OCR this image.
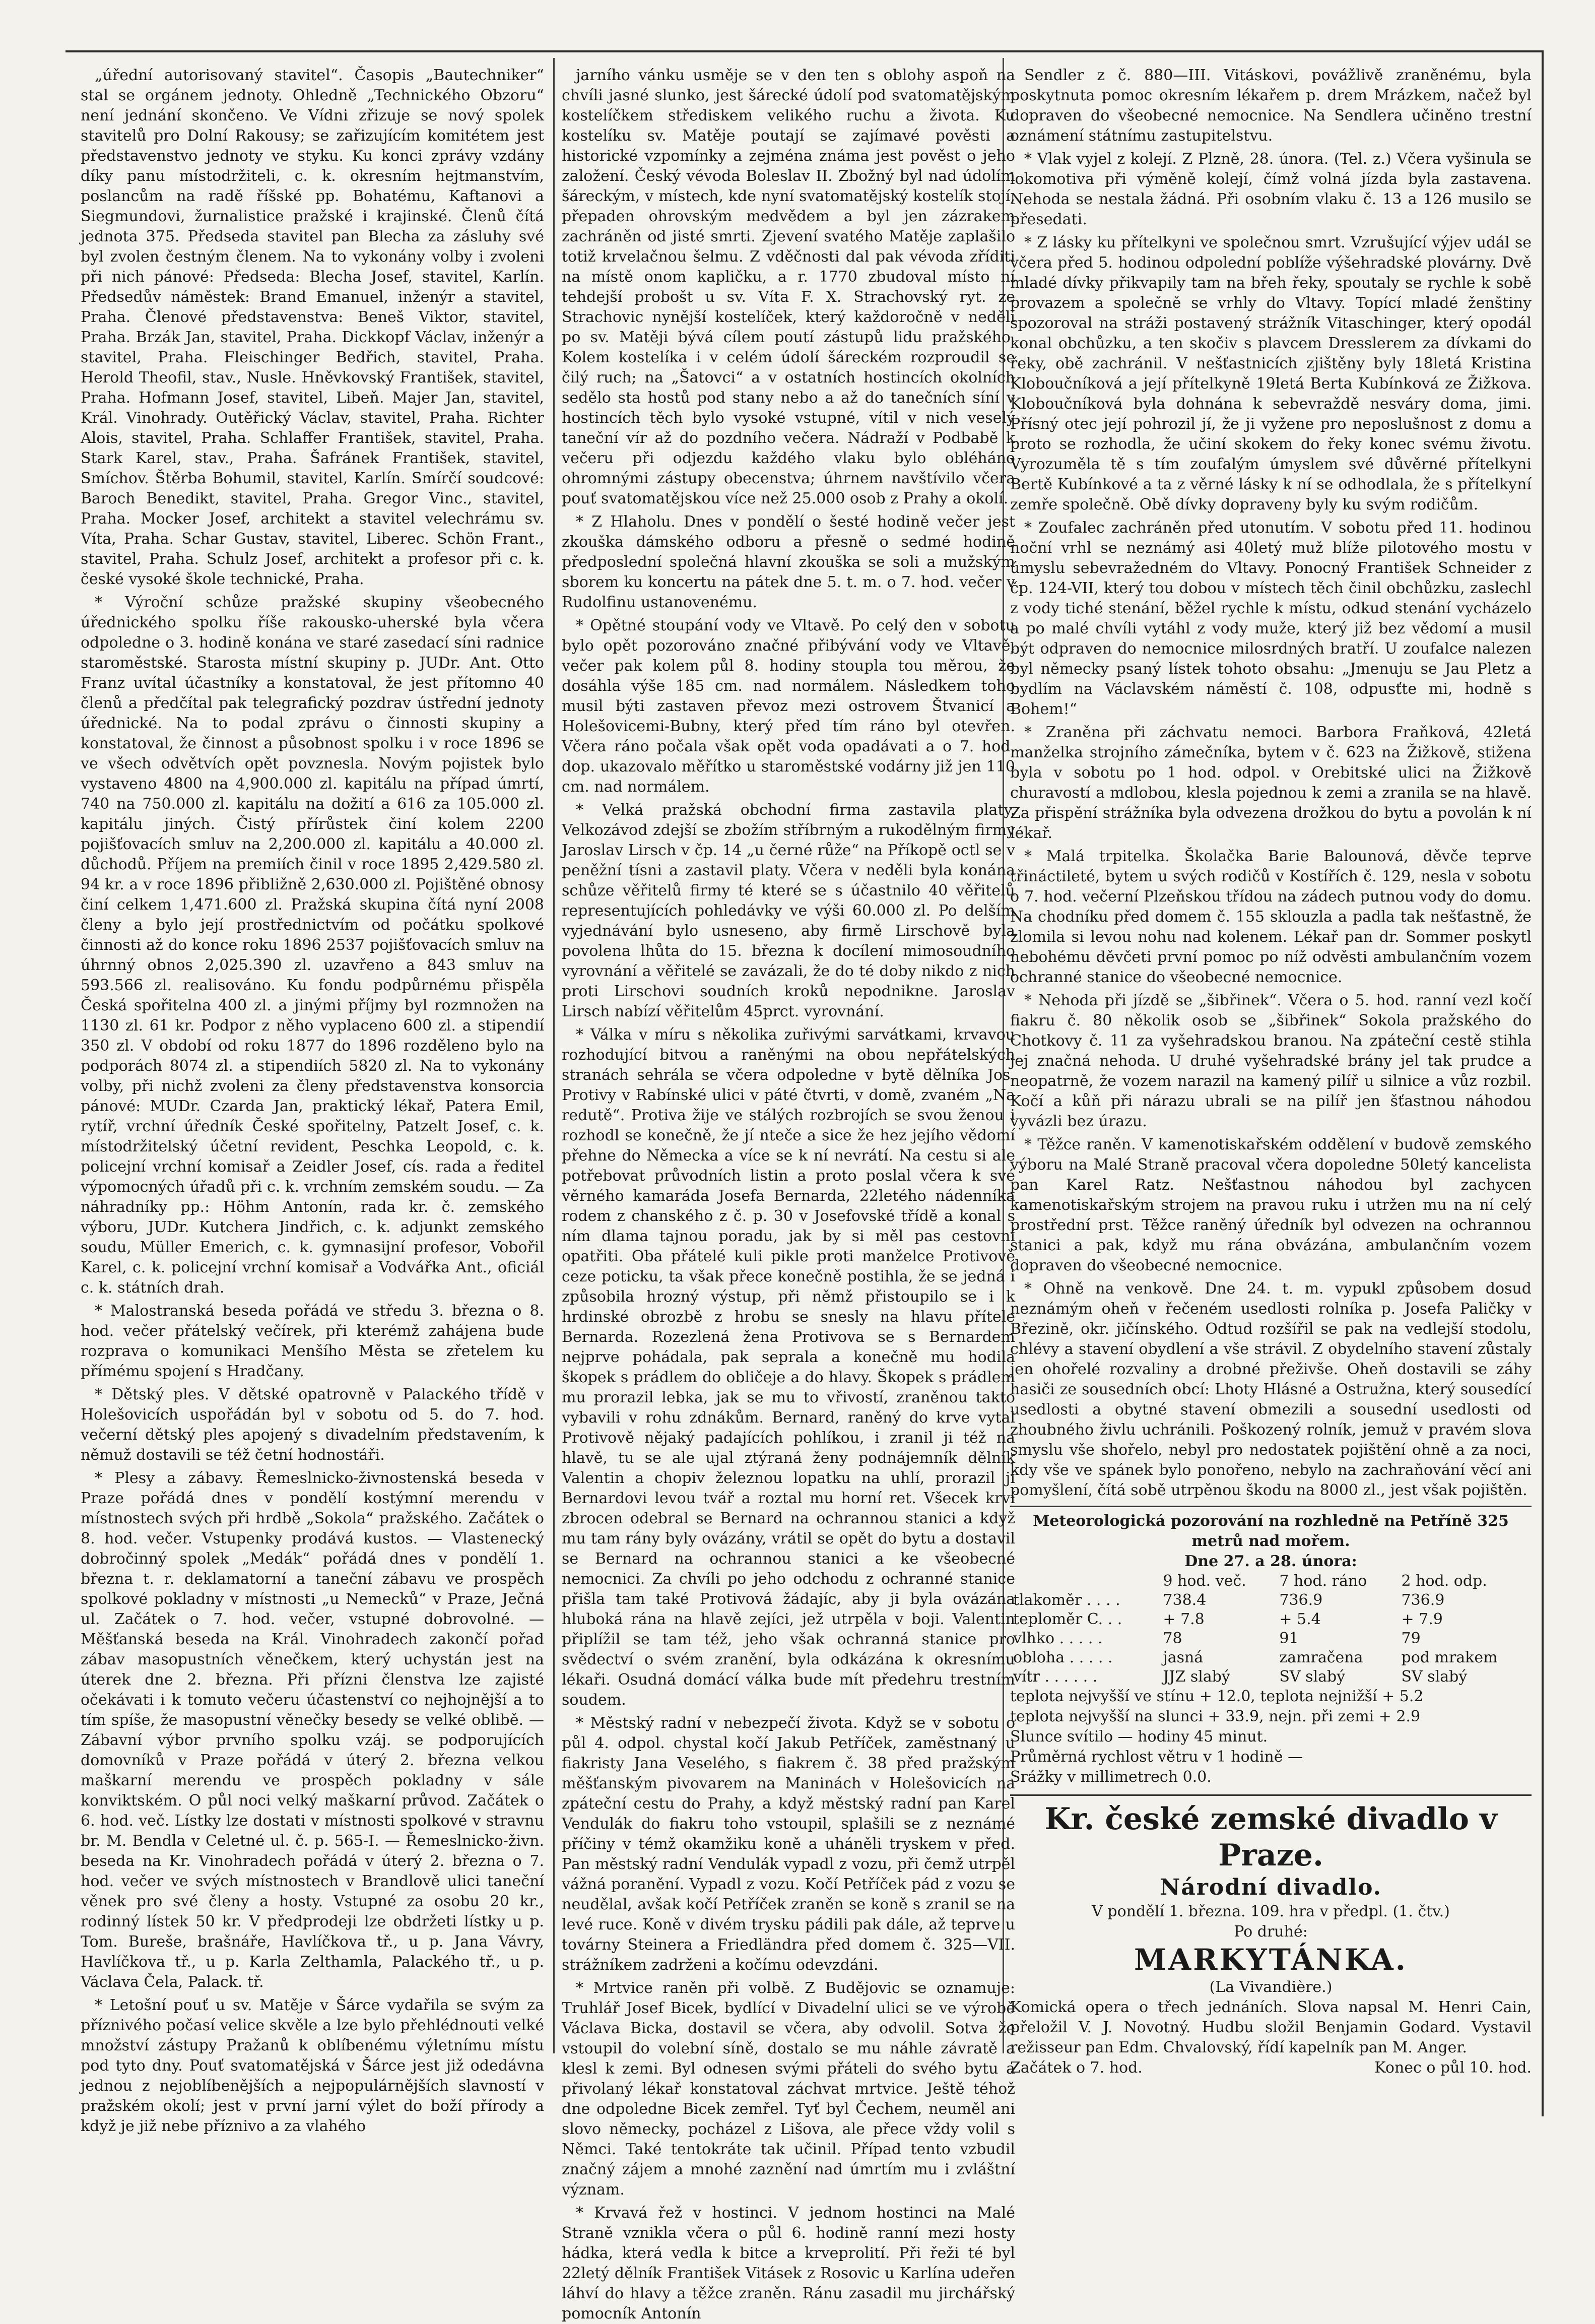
„úřední autorisovaný stavitel“. Časopis „Bautechniker“ stal se orgánem jednoty. Ohledně „Technického Obzoru“ není jednání skončeno. Ve Vídni zřizuje se nový spolek stavitelů pro Dolní Rakousy; se zařizujícím komitétem jest představenstvo jednoty ve styku. Ku konci zprávy vzdány díky panu místodržiteli, c. k. okresním hejtmanstvím, poslancům na radě říšské pp. Bohatému, Kaftanovi a Siegmundovi, žurnalistice pražské i krajinské. Členů čítá jednota 375. Předseda stavitel pan Blecha za zásluhy své byl zvolen čestným členem. Na to vykonány volby i zvoleni při nich pánové: Předseda: Blecha Josef, stavitel, Karlín. Předsedův náměstek: Brand Emanuel, inženýr a stavitel, Praha. Členové představenstva: Beneš Viktor, stavitel, Praha. Brzák Jan, stavitel, Praha. Dickkopf Václav, inženýr a stavitel, Praha. Fleischinger Bedřich, stavitel, Praha. Herold Theofil, stav., Nusle. Hněvkovský František, stavitel, Praha. Hofmann Josef, stavitel, Libeň. Majer Jan, stavitel, Král. Vinohrady. Outěřický Václav, stavitel, Praha. Richter Alois, stavitel, Praha. Schlaffer František, stavitel, Praha. Stark Karel, stav., Praha. Šafránek František, stavitel, Smíchov. Štěrba Bohumil, stavitel, Karlín. Smírčí soudcové: Baroch Benedikt, stavitel, Praha. Gregor Vinc., stavitel, Praha. Mocker Josef, architekt a stavitel velechrámu sv. Víta, Praha. Schar Gustav, stavitel, Liberec. Schön Frant., stavitel, Praha. Schulz Josef, architekt a profesor při c. k. české vysoké škole technické, Praha.

* Výroční schůze pražské skupiny všeobecného úřednického spolku říše rakousko-uherské byla včera odpoledne o 3. hodině konána ve staré zasedací síni radnice staroměstské. Starosta místní skupiny p. JUDr. Ant. Otto Franz uvítal účastníky a konstatoval, že jest přítomno 40 členů a předčítal pak telegrafický pozdrav ústřední jednoty úřednické. Na to podal zprávu o činnosti skupiny a konstatoval, že činnost a působnost spolku i v roce 1896 se ve všech odvětvích opět povznesla. Novým pojistek bylo vystaveno 4800 na 4,900.000 zl. kapitálu na případ úmrtí, 740 na 750.000 zl. kapitálu na dožití a 616 za 105.000 zl. kapitálu jiných. Čistý přírůstek činí kolem 2200 pojišťovacích smluv na 2,200.000 zl. kapitálu a 40.000 zl. důchodů. Příjem na premiích činil v roce 1895 2,429.580 zl. 94 kr. a v roce 1896 přibližně 2,630.000 zl. Pojištěné obnosy činí celkem 1,471.600 zl. Pražská skupina čítá nyní 2008 členy a bylo její prostřednictvím od počátku spolkové činnosti až do konce roku 1896 2537 pojišťovacích smluv na úhrnný obnos 2,025.390 zl. uzavřeno a 843 smluv na 593.566 zl. realisováno. Ku fondu podpůrnému přispěla Česká spořitelna 400 zl. a jinými příjmy byl rozmnožen na 1130 zl. 61 kr. Podpor z něho vyplaceno 600 zl. a stipendií 350 zl. V období od roku 1877 do 1896 rozděleno bylo na podporách 8074 zl. a stipendiích 5820 zl. Na to vykonány volby, při nichž zvoleni za členy představenstva konsorcia pánové: MUDr. Czarda Jan, praktický lékař, Patera Emil, rytíř, vrchní úředník České spořitelny, Patzelt Josef, c. k. místodržitelský účetní revident, Peschka Leopold, c. k. policejní vrchní komisař a Zeidler Josef, cís. rada a ředitel výpomocných úřadů při c. k. vrchním zemském soudu. — Za náhradníky pp.: Höhm Antonín, rada kr. č. zemského výboru, JUDr. Kutchera Jindřich, c. k. adjunkt zemského soudu, Müller Emerich, c. k. gymnasijní profesor, Vobořil Karel, c. k. policejní vrchní komisař a Vodvářka Ant., oficiál c. k. státních drah.

* Malostranská beseda pořádá ve středu 3. března o 8. hod. večer přátelský večírek, při kterémž zahájena bude rozprava o komunikaci Menšího Města se zřetelem ku přímému spojení s Hradčany.

* Dětský ples. V dětské opatrovně v Palackého třídě v Holešovicích uspořádán byl v sobotu od 5. do 7. hod. večerní dětský ples apojený s divadelním představením, k němuž dostavili se též četní hodnostáři.

* Plesy a zábavy. Řemeslnicko-živnostenská beseda v Praze pořádá dnes v pondělí kostýmní merendu v místnostech svých při hrdbě „Sokola“ pražského. Začátek o 8. hod. večer. Vstupenky prodává kustos. — Vlastenecký dobročinný spolek „Medák“ pořádá dnes v pondělí 1. března t. r. deklamatorní a taneční zábavu ve prospěch spolkové pokladny v místnosti „u Nemecků“ v Praze, Ječná ul. Začátek o 7. hod. večer, vstupné dobrovolné. — Měšťanská beseda na Král. Vinohradech zakončí pořad zábav masopustních věnečkem, který uchystán jest na úterek dne 2. března. Při přízni členstva lze zajisté očekávati i k tomuto večeru účastenství co nejhojnější a to tím spíše, že masopustní věnečky besedy se velké oblibě. — Zábavní výbor prvního spolku vzáj. se podporujících domovníků v Praze pořádá v úterý 2. března velkou maškarní merendu ve prospěch pokladny v sále konviktském. O půl noci velký maškarní průvod. Začátek o 6. hod. več. Lístky lze dostati v místnosti spolkové v stravnu br. M. Bendla v Celetné ul. č. p. 565-I. — Řemeslnicko-živn. beseda na Kr. Vinohradech pořádá v úterý 2. března o 7. hod. večer ve svých místnostech v Brandlově ulici taneční věnek pro své členy a hosty. Vstupné za osobu 20 kr., rodinný lístek 50 kr. V předprodeji lze obdržeti lístky u p. Tom. Bureše, brašnáře, Havlíčkova tř., u p. Jana Vávry, Havlíčkova tř., u p. Karla Zelthamla, Palackého tř., u p. Václava Čela, Palack. tř.

* Letošní pouť u sv. Matěje v Šárce vydařila se svým za příznivého počasí velice skvěle a lze bylo přehlédnouti velké množství zástupy Pražanů k oblíbenému výletnímu místu pod tyto dny. Pouť svatomatějská v Šárce jest již odedávna jednou z nejoblíbenějších a nejpopulárnějších slavností v pražském okolí; jest v první jarní výlet do boží přírody a když je již nebe příznivo a za vlahého

jarního vánku usměje se v den ten s oblohy aspoň na chvíli jasné slunko, jest šárecké údolí pod svatomatějským kostelíčkem střediskem velikého ruchu a života. Ku kostelíku sv. Matěje poutají se zajímavé pověsti a historické vzpomínky a zejména známa jest pověst o jeho založení. Český vévoda Boleslav II. Zbožný byl nad údolím šáreckým, v místech, kde nyní svatomatějský kostelík stojí, přepaden ohrovským medvědem a byl jen zázrakem zachráněn od jisté smrti. Zjevení svatého Matěje zaplašilo totiž krvelačnou šelmu. Z vděčnosti dal pak vévoda zříditi na místě onom kapličku, a r. 1770 zbudoval místo ní tehdejší probošt u sv. Víta F. X. Strachovský ryt. ze Strachovic nynější kostelíček, který každoročně v neděli po sv. Matěji bývá cílem poutí zástupů lidu pražského. Kolem kostelíka i v celém údolí šáreckém rozproudil se čilý ruch; na „Šatovci“ a v ostatních hostincích okolních sedělo sta hostů pod stany nebo a až do tanečních síní v hostincích těch bylo vysoké vstupné, vítil v nich veselý taneční vír až do pozdního večera. Nádraží v Podbabě k večeru při odjezdu každého vlaku bylo obléháno ohromnými zástupy obecenstva; úhrnem navštívilo včera pouť svatomatějskou více než 25.000 osob z Prahy a okolí.

* Z Hlaholu. Dnes v pondělí o šesté hodině večer jest zkouška dámského odboru a přesně o sedmé hodině předposlední společná hlavní zkouška se soli a mužským sborem ku koncertu na pátek dne 5. t. m. o 7. hod. večer v Rudolfinu ustanovenému.

* Opětné stoupání vody ve Vltavě. Po celý den v sobotu bylo opět pozorováno značné přibývání vody ve Vltavě, večer pak kolem půl 8. hodiny stoupla tou měrou, že dosáhla výše 185 cm. nad normálem. Následkem toho musil býti zastaven převoz mezi ostrovem Štvanicí a Holešovicemi-Bubny, který před tím ráno byl otevřen. Včera ráno počala však opět voda opadávati a o 7. hod. dop. ukazovalo měřítko u staroměstské vodárny již jen 110 cm. nad normálem.

* Velká pražská obchodní firma zastavila platy. Velkozávod zdejší se zbožím stříbrným a rukodělným firmy Jaroslav Lirsch v čp. 14 „u černé růže“ na Příkopě octl se v peněžní tísni a zastavil platy. Včera v neděli byla konána schůze věřitelů firmy té které se s účastnilo 40 věřitelů representujících pohledávky ve výši 60.000 zl. Po delším vyjednávání bylo usneseno, aby firmě Lirschově byla povolena lhůta do 15. března k docílení mimosoudního vyrovnání a věřitelé se zavázali, že do té doby nikdo z nich proti Lirschovi soudních kroků nepodnikne. Jaroslav Lirsch nabízí věřitelům 45prct. vyrovnání.

* Válka v míru s několika zuřivými sarvátkami, krvavou rozhodující bitvou a raněnými na obou nepřátelských stranách sehrála se včera odpoledne v bytě dělníka Jos. Protivy v Rabínské ulici v páté čtvrti, v domě, zvaném „Na redutě“. Protiva žije ve stálých rozbrojích se svou ženou i rozhodl se konečně, že jí nteče a sice že hez jejího vědomí přehne do Německa a více se k ní nevrátí. Na cestu si ale potřebovat průvodních listin a proto poslal včera k své věrného kamaráda Josefa Bernarda, 22letého nádenníka rodem z chanského z č. p. 30 v Josefovské třídě a konal s ním dlama tajnou poradu, jak by si měl pas cestovní opatřiti. Oba přátelé kuli pikle proti manželce Protivově ceze poticku, ta však přece konečně postihla, že se jedná i způsobila hrozný výstup, při němž přistoupilo se i k hrdinské obrozbě z hrobu se snesly na hlavu přítele Bernarda. Rozezlená žena Protivova se s Bernardem nejprve pohádala, pak seprala a konečně mu hodila škopek s prádlem do obličeje a do hlavy. Škopek s prádlem mu prorazil lebka, jak se mu to vřivostí, zraněnou takto vybavili v rohu zdnákům. Bernard, raněný do krve vytal Protivově nějaký padajících pohlíkou, i zranil ji též na hlavě, tu se ale ujal ztýraná ženy podnájemník dělník Valentin a chopiv železnou lopatku na uhlí, prorazil jí Bernardovi levou tvář a roztal mu horní ret. Všecek krví zbrocen odebral se Bernard na ochrannou stanici a když mu tam rány byly ovázány, vrátil se opět do bytu a dostavil se Bernard na ochrannou stanici a ke všeobecné nemocnici. Za chvíli po jeho odchodu z ochranné stanice přišla tam také Protivová žádajíc, aby ji byla ovázána hluboká rána na hlavě zejíci, jež utrpěla v boji. Valentin připlížil se tam též, jeho však ochranná stanice pro svědectví o svém zranění, byla odkázána k okresnímu lékaři. Osudná domácí válka bude mít předehru trestním soudem.

* Městský radní v nebezpečí života. Když se v sobotu o půl 4. odpol. chystal kočí Jakub Petříček, zaměstnaný u fiakristy Jana Veselého, s fiakrem č. 38 před pražským měšťanským pivovarem na Maninách v Holešovicích na zpáteční cestu do Prahy, a když městský radní pan Karel Vendulák do fiakru toho vstoupil, splašili se z neznámé příčiny v témž okamžiku koně a uháněli tryskem v před. Pan městský radní Vendulák vypadl z vozu, při čemž utrpěl vážná poranění. Vypadl z vozu. Kočí Petříček pád z vozu se neudělal, avšak kočí Petříček zraněn se koně s zranil se na levé ruce. Koně v divém trysku pádili pak dále, až teprve u továrny Steinera a Friedländra před domem č. 325—VII. strážníkem zadrženi a kočímu odevzdáni.

* Mrtvice raněn při volbě. Z Budějovic se oznamuje: Truhlář Josef Bicek, bydlící v Divadelní ulici se ve výrobě Václava Bicka, dostavil se včera, aby odvolil. Sotva že vstoupil do volební síně, dostalo se mu náhle závratě a klesl k zemi. Byl odnesen svými přáteli do svého bytu a přivolaný lékař konstatoval záchvat mrtvice. Ještě téhož dne odpoledne Bicek zemřel. Tyť byl Čechem, neuměl ani slovo německy, pocházel z Lišova, ale přece vždy volil s Němci. Také tentokráte tak učinil. Případ tento vzbudil značný zájem a mnohé zaznění nad úmrtím mu i zvláštní význam.

* Krvavá řež v hostinci. V jednom hostinci na Malé Straně vznikla včera o půl 6. hodině ranní mezi hosty hádka, která vedla k bitce a krveprolití. Při řeži té byl 22letý dělník František Vitásek z Rosovic u Karlína udeřen láhví do hlavy a těžce zraněn. Ránu zasadil mu jirchářský pomocník Antonín

Sendler z č. 880—III. Vitáskovi, povážlivě zraněnému, byla poskytnuta pomoc okresním lékařem p. drem Mrázkem, načež byl dopraven do všeobecné nemocnice. Na Sendlera učiněno trestní oznámení státnímu zastupitelstvu.

* Vlak vyjel z kolejí. Z Plzně, 28. února. (Tel. z.) Včera vyšinula se lokomotiva při výměně kolejí, čímž volná jízda byla zastavena. Nehoda se nestala žádná. Při osobním vlaku č. 13 a 126 musilo se přesedati.

* Z lásky ku přítelkyni ve společnou smrt. Vzrušující výjev udál se včera před 5. hodinou odpolední poblíže výšehradské plovárny. Dvě mladé dívky přikvapily tam na břeh řeky, spoutaly se rychle k sobě provazem a společně se vrhly do Vltavy. Topící mladé ženštiny spozoroval na stráži postavený strážník Vitaschinger, který opodál konal obchůzku, a ten skočiv s plavcem Dresslerem za dívkami do řeky, obě zachránil. V nešťastnicích zjištěny byly 18letá Kristina Kloboučníková a její přítelkyně 19letá Berta Kubínková ze Žižkova. Kloboučníková byla dohnána k sebevraždě nesváry doma, jimi. Přísný otec její pohrozil jí, že ji vyžene pro neposlušnost z domu a proto se rozhodla, že učiní skokem do řeky konec svému životu. Vyrozuměla tě s tím zoufalým úmyslem své důvěrné přítelkyni Bertě Kubínkové a ta z věrné lásky k ní se odhodlala, že s přítelkyní zemře společně. Obě dívky dopraveny byly ku svým rodičům.

* Zoufalec zachráněn před utonutím. V sobotu před 11. hodinou noční vrhl se neznámý asi 40letý muž blíže pilotového mostu v úmyslu sebevražedném do Vltavy. Ponocný František Schneider z čp. 124-VII, který tou dobou v místech těch činil obchůzku, zaslechl z vody tiché stenání, běžel rychle k místu, odkud stenání vycházelo a po malé chvíli vytáhl z vody muže, který již bez vědomí a musil být odpraven do nemocnice milosrdných bratří. U zoufalce nalezen byl německy psaný lístek tohoto obsahu: „Jmenuju se Jau Pletz a bydlím na Václavském náměstí č. 108, odpusťte mi, hodně s Bohem!“

* Zraněna při záchvatu nemoci. Barbora Fraňková, 42letá manželka strojního zámečníka, bytem v č. 623 na Žižkově, stižena byla v sobotu po 1 hod. odpol. v Orebitské ulici na Žižkově churavostí a mdlobou, klesla pojednou k zemi a zranila se na hlavě. Za přispění strážníka byla odvezena drožkou do bytu a povolán k ní lékař.

* Malá trpitelka. Školačka Barie Balounová, děvče teprve třináctileté, bytem u svých rodičů v Kostířích č. 129, nesla v sobotu o 7. hod. večerní Plzeňskou třídou na zádech putnou vody do domu. Na chodníku před domem č. 155 sklouzla a padla tak nešťastně, že zlomila si levou nohu nad kolenem. Lékař pan dr. Sommer poskytl nebohému děvčeti první pomoc po níž odvěsti ambulančním vozem ochranné stanice do všeobecné nemocnice.

* Nehoda při jízdě se „šibřinek“. Včera o 5. hod. ranní vezl kočí fiakru č. 80 několik osob se „šibřinek“ Sokola pražského do Chotkovy č. 11 za vyšehradskou branou. Na zpáteční cestě stihla jej značná nehoda. U druhé vyšehradské brány jel tak prudce a neopatrně, že vozem narazil na kamený pilíř u silnice a vůz rozbil. Kočí a kůň při nárazu ubrali se na pilíř jen šťastnou náhodou vyvázli bez úrazu.

* Těžce raněn. V kamenotiskařském oddělení v budově zemského výboru na Malé Straně pracoval včera dopoledne 50letý kancelista pan Karel Ratz. Nešťastnou náhodou byl zachycen kamenotiskařským strojem na pravou ruku i utržen mu na ní celý prostřední prst. Těžce raněný úředník byl odvezen na ochrannou stanici a pak, když mu rána obvázána, ambulančním vozem dopraven do všeobecné nemocnice.

* Ohně na venkově. Dne 24. t. m. vypukl způsobem dosud neznámým oheň v řečeném usedlosti rolníka p. Josefa Paličky v Březině, okr. jičínského. Odtud rozšířil se pak na vedlejší stodolu, chlévy a stavení obydlení a vše strávil. Z obydelního stavení zůstaly jen ohořelé rozvaliny a drobné přeživše. Oheň dostavili se záhy hasiči ze sousedních obcí: Lhoty Hlásné a Ostružna, který sousedící usedlosti a obytné stavení obmezili a sousední usedlosti od zhoubného živlu uchránili. Poškozený rolník, jemuž v pravém slova smyslu vše shořelo, nebyl pro nedostatek pojištění ohně a za noci, kdy vše ve spánek bylo ponořeno, nebylo na zachraňování věcí ani pomyšlení, čítá sobě utrpěnou škodu na 8000 zl., jest však pojištěn.

Meteorologická pozorování na rozhledně na Petříně 325 metrů nad mořem.
Dne 27. a 28. února:
	9 hod. več.	7 hod. ráno	2 hod. odp.
tlakoměr . . . .	738.4	736.9	736.9
teploměr C. . .	+ 7.8	+ 5.4	+ 7.9
vlhko . . . . .	78	91	79
obloha . . . . .	jasná	zamračena	pod mrakem
vítr . . . . . .	JJZ slabý	SV slabý	SV slabý
teplota nejvyšší ve stínu + 12.0, teplota nejnižší + 5.2
teplota nejvyšší na slunci + 33.9, nejn. při zemi + 2.9
Slunce svítilo — hodiny 45 minut.
Průměrná rychlost větru v 1 hodině —
Srážky v millimetrech 0.0.
Kr. české zemské divadlo v Praze.
Národní divadlo.
V pondělí 1. března. 109. hra v předpl. (1. čtv.)
Po druhé:
MARKYTÁNKA.
(La Vivandière.)
Komická opera o třech jednáních. Slova napsal M. Henri Cain, přeložil V. J. Novotný. Hudbu složil Benjamin Godard. Vystavil režisseur pan Edm. Chvalovský, řídí kapelník pan M. Anger.
Začátek o 7. hod.	Konec o půl 10. hod.
